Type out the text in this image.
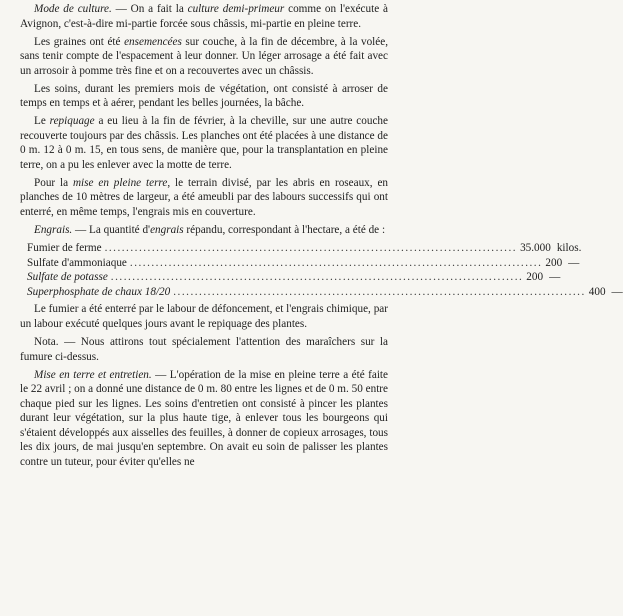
Mode de culture. — On a fait la culture demi-primeur comme on l'exécute à Avignon, c'est-à-dire mi-partie forcée sous châssis, mi-partie en pleine terre.

Les graines ont été ensemencées sur couche, à la fin de décembre, à la volée, sans tenir compte de l'espacement à leur donner. Un léger arrosage a été fait avec un arrosoir à pomme très fine et on a recouvertes avec un châssis.

Les soins, durant les premiers mois de végétation, ont consisté à arroser de temps en temps et à aérer, pendant les belles journées, la bâche.

Le repiquage a eu lieu à la fin de février, à la cheville, sur une autre couche recouverte toujours par des châssis. Les planches ont été placées à une distance de 0 m. 12 à 0 m. 15, en tous sens, de manière que, pour la transplantation en pleine terre, on a pu les enlever avec la motte de terre.

Pour la mise en pleine terre, le terrain divisé, par les abris en roseaux, en planches de 10 mètres de largeur, a été ameubli par des labours successifs qui ont enterré, en même temps, l'engrais mis en couverture.

Engrais. — La quantité d'engrais répandu, correspondant à l'hectare, a été de :

Fumier de ferme ................................................................................................ 35.000 kilos.
Sulfate d'ammoniaque ................................................................................................ 200 —
Sulfate de potasse ................................................................................................ 200 —
Superphosphate de chaux 18/20 ................................................................................................ 400 —

Le fumier a été enterré par le labour de défoncement, et l'engrais chimique, par un labour exécuté quelques jours avant le repiquage des plantes.

Nota. — Nous attirons tout spécialement l'attention des maraîchers sur la fumure ci-dessus.

Mise en terre et entretien. — L'opération de la mise en pleine terre a été faite le 22 avril ; on a donné une distance de 0 m. 80 entre les lignes et de 0 m. 50 entre chaque pied sur les lignes. Les soins d'entretien ont consisté à pincer les plantes durant leur végétation, sur la plus haute tige, à enlever tous les bourgeons qui s'étaient développés aux aisselles des feuilles, à donner de copieux arrosages, tous les dix jours, de mai jusqu'en septembre. On avait eu soin de palisser les plantes contre un tuteur, pour éviter qu'elles ne
